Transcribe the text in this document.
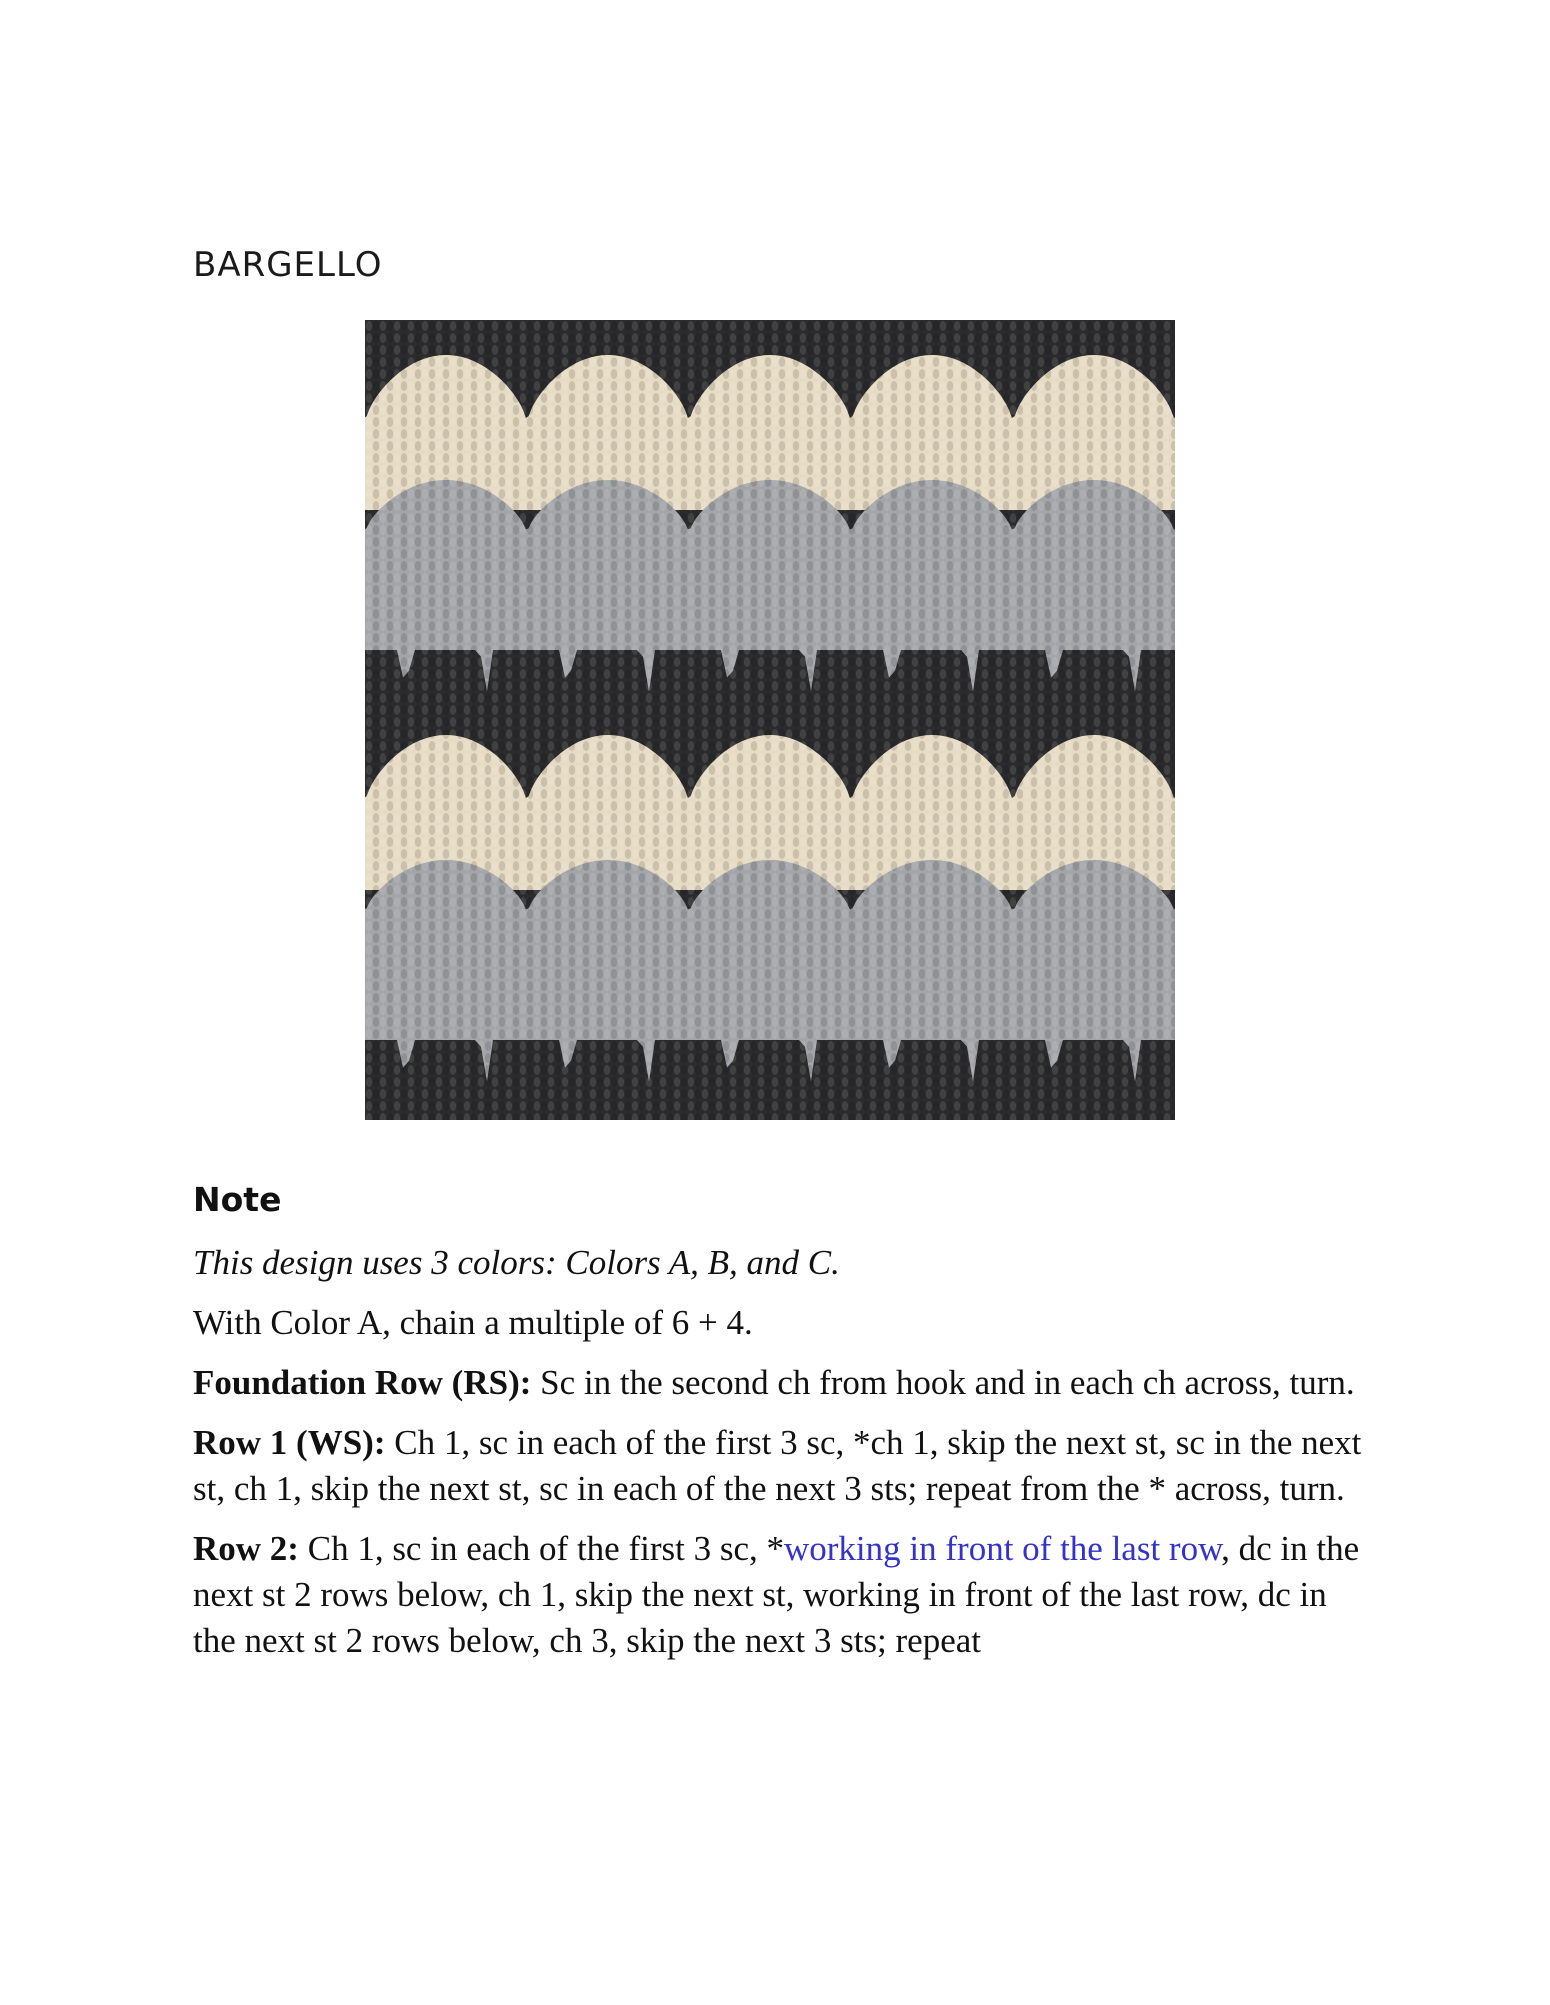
BARGELLO
Note

This design uses 3 colors: Colors A, B, and C.

With Color A, chain a multiple of 6 + 4.

Foundation Row (RS): Sc in the second ch from hook and in each ch across, turn.

Row 1 (WS): Ch 1, sc in each of the first 3 sc, *ch 1, skip the next st, sc in the next st, ch 1, skip the next st, sc in each of the next 3 sts; repeat from the * across, turn.

Row 2: Ch 1, sc in each of the first 3 sc, *working in front of the last row, dc in the next st 2 rows below, ch 1, skip the next st, working in front of the last row, dc in the next st 2 rows below, ch 3, skip the next 3 sts; repeat
